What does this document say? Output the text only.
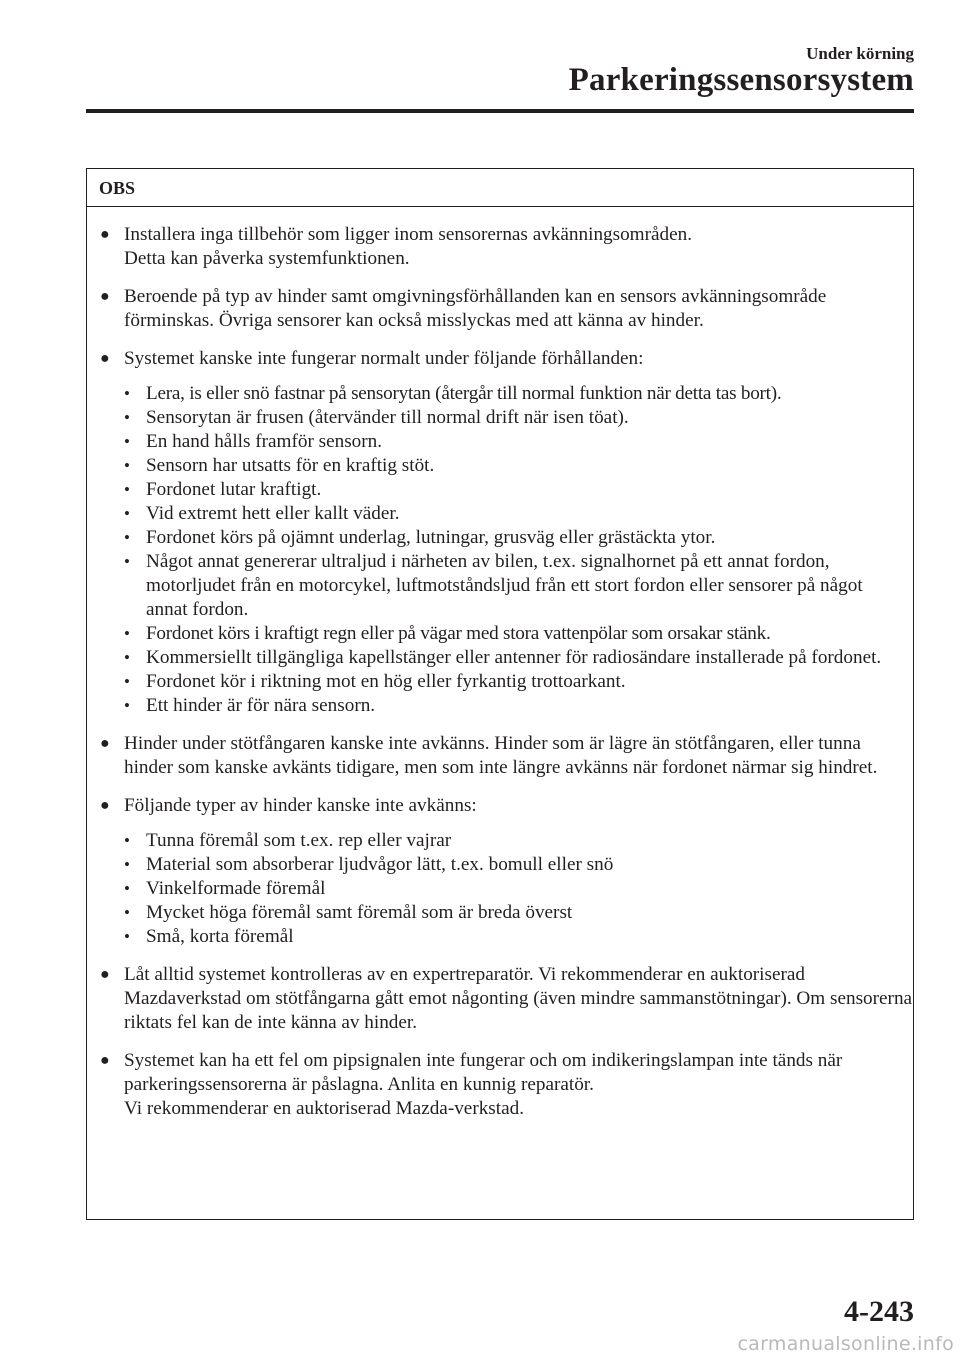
Under körning
Parkeringssensorsystem
OBS
● Installera inga tillbehör som ligger inom sensorernas avkänningsområden.
Detta kan påverka systemfunktionen.

● Beroende på typ av hinder samt omgivningsförhållanden kan en sensors avkänningsområde förminskas. Övriga sensorer kan också misslyckas med att känna av hinder.

● Systemet kanske inte fungerar normalt under följande förhållanden:

• Lera, is eller snö fastnar på sensorytan (återgår till normal funktion när detta tas bort).
• Sensorytan är frusen (återvänder till normal drift när isen töat).
• En hand hålls framför sensorn.
• Sensorn har utsatts för en kraftig stöt.
• Fordonet lutar kraftigt.
• Vid extremt hett eller kallt väder.
• Fordonet körs på ojämnt underlag, lutningar, grusväg eller grästäckta ytor.
• Något annat genererar ultraljud i närheten av bilen, t.ex. signalhornet på ett annat fordon, motorljudet från en motorcykel, luftmotståndsljud från ett stort fordon eller sensorer på något annat fordon.
• Fordonet körs i kraftigt regn eller på vägar med stora vattenpölar som orsakar stänk.
• Kommersiellt tillgängliga kapellstänger eller antenner för radiosändare installerade på fordonet.
• Fordonet kör i riktning mot en hög eller fyrkantig trottoarkant.
• Ett hinder är för nära sensorn.
● Hinder under stötfångaren kanske inte avkänns. Hinder som är lägre än stötfångaren, eller tunna hinder som kanske avkänts tidigare, men som inte längre avkänns när fordonet närmar sig hindret.

● Följande typer av hinder kanske inte avkänns:

• Tunna föremål som t.ex. rep eller vajrar
• Material som absorberar ljudvågor lätt, t.ex. bomull eller snö
• Vinkelformade föremål
• Mycket höga föremål samt föremål som är breda överst
• Små, korta föremål
● Låt alltid systemet kontrolleras av en expertreparatör. Vi rekommenderar en auktoriserad Mazdaverkstad om stötfångarna gått emot någonting (även mindre sammanstötningar). Om sensorerna riktats fel kan de inte känna av hinder.

● Systemet kan ha ett fel om pipsignalen inte fungerar och om indikeringslampan inte tänds när parkeringssensorerna är påslagna. Anlita en kunnig reparatör.
Vi rekommenderar en auktoriserad Mazda-verkstad.

4-243
carmanualsonline.info
